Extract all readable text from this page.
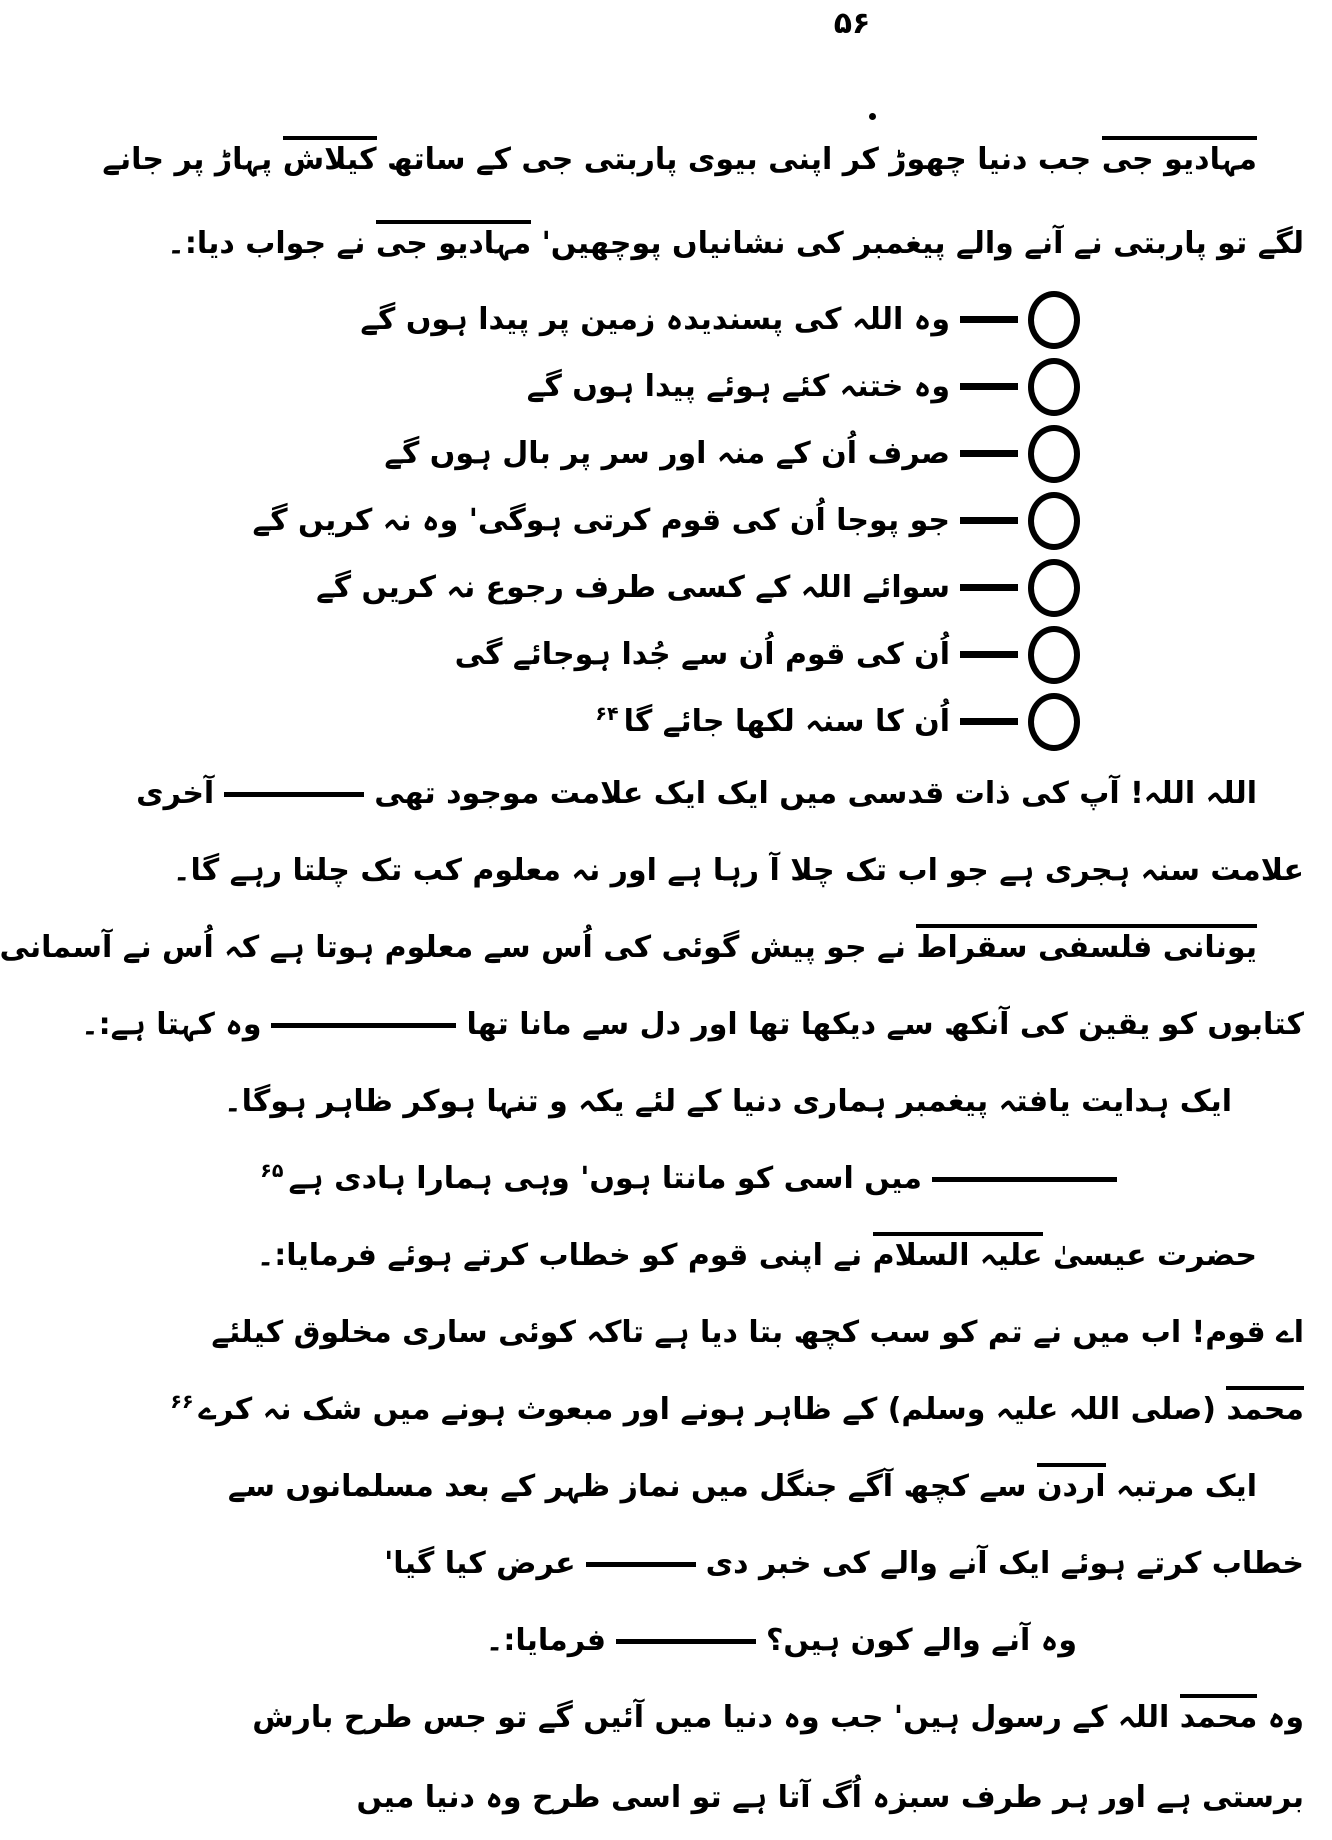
۵۶
مہادیو جی جب دنیا چھوڑ کر اپنی بیوی پاربتی جی کے ساتھ کیلاش پہاڑ پر جانے
لگے تو پاربتی نے آنے والے پیغمبر کی نشانیاں پوچھیں' مہادیو جی نے جواب دیا:۔
وہ اللہ کی پسندیدہ زمین پر پیدا ہوں گے
وہ ختنہ کئے ہوئے پیدا ہوں گے
صرف اُن کے منہ اور سر پر بال ہوں گے
جو پوجا اُن کی قوم کرتی ہوگی' وہ نہ کریں گے
سوائے اللہ کے کسی طرف رجوع نہ کریں گے
اُن کی قوم اُن سے جُدا ہوجائے گی
اُن کا سنہ لکھا جائے گا$^{۶۴}$
اللہ اللہ! آپ کی ذات قدسی میں ایک ایک علامت موجود تھیآخری
علامت سنہ ہجری ہے جو اب تک چلا آ رہا ہے اور نہ معلوم کب تک چلتا رہے گا۔
یونانی فلسفی سقراط نے جو پیش گوئی کی اُس سے معلوم ہوتا ہے کہ اُس نے آسمانی
کتابوں کو یقین کی آنکھ سے دیکھا تھا اور دل سے مانا تھاوہ کہتا ہے:۔
ایک ہدایت یافتہ پیغمبر ہماری دنیا کے لئے یکہ و تنہا ہوکر ظاہر ہوگا۔
میں اسی کو مانتا ہوں' وہی ہمارا ہادی ہے$^{۶۵}$
حضرت عیسیٰ علیہ السلام نے اپنی قوم کو خطاب کرتے ہوئے فرمایا:۔
اے قوم! اب میں نے تم کو سب کچھ بتا دیا ہے تاکہ کوئی ساری مخلوق کیلئے
محمد (صلی اللہ علیہ وسلم) کے ظاہر ہونے اور مبعوث ہونے میں شک نہ کرے$^{۶۶}$
ایک مرتبہ اردن سے کچھ آگے جنگل میں نماز ظہر کے بعد مسلمانوں سے
خطاب کرتے ہوئے ایک آنے والے کی خبر دیعرض کیا گیا'
وہ آنے والے کون ہیں؟فرمایا:۔
وہ محمد اللہ کے رسول ہیں' جب وہ دنیا میں آئیں گے تو جس طرح بارش
برستی ہے اور ہر طرف سبزہ اُگ آتا ہے تو اسی طرح وہ دنیا میں
